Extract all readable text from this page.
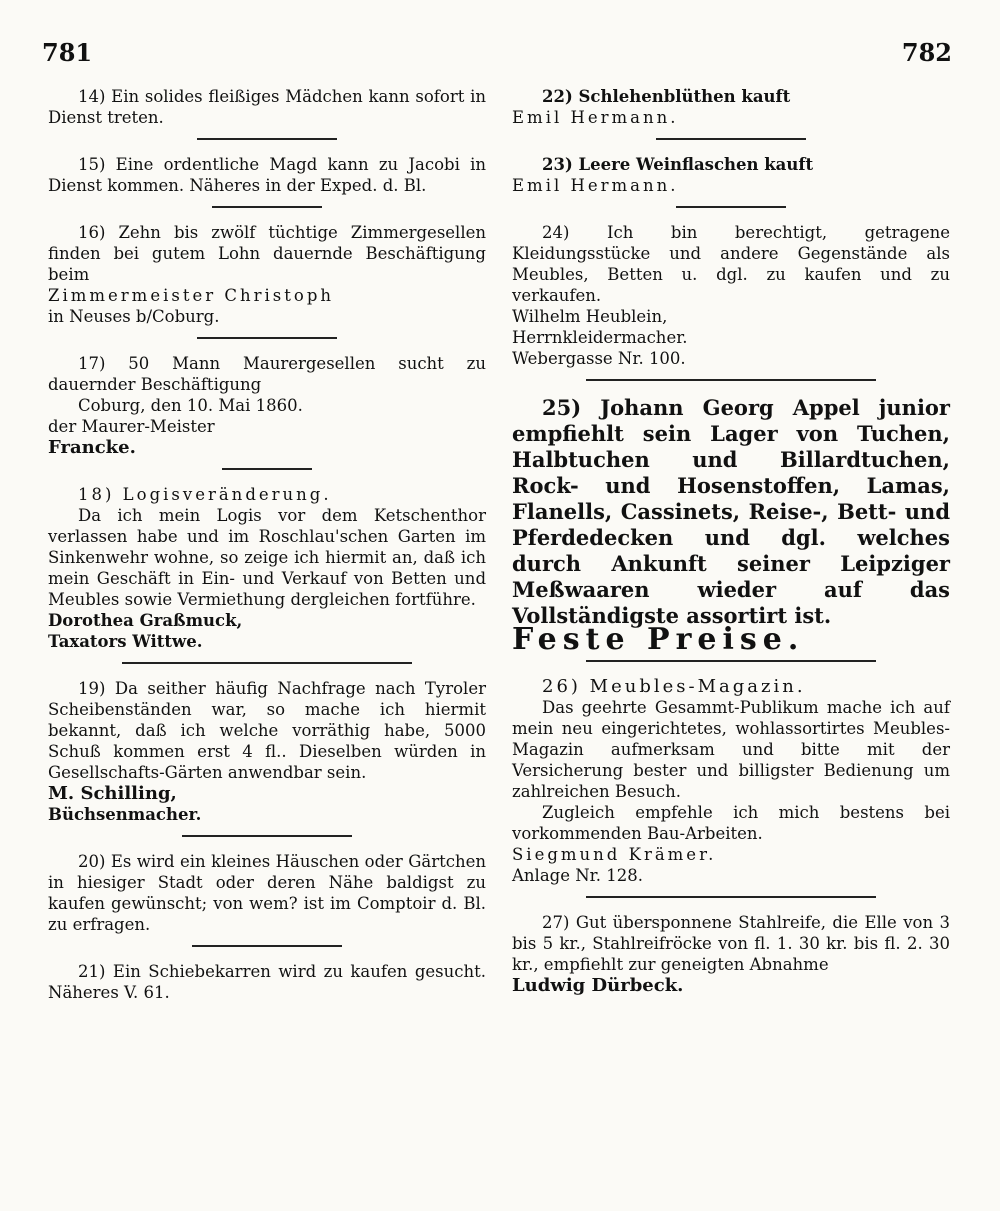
781	782

14) Ein solides fleißiges Mädchen kann sofort in Dienst treten.

15) Eine ordentliche Magd kann zu Jacobi in Dienst kommen. Näheres in der Exped. d. Bl.

16) Zehn bis zwölf tüchtige Zimmergesellen finden bei gutem Lohn dauernde Beschäftigung beim

Zimmermeister Christoph

in Neuses b/Coburg.

17) 50 Mann Maurergesellen sucht zu dauernder Beschäftigung

Coburg, den 10. Mai 1860.

der Maurer-Meister

Francke.

18) Logisveränderung.

Da ich mein Logis vor dem Ketschenthor verlassen habe und im Roschlau'schen Garten im Sinkenwehr wohne, so zeige ich hiermit an, daß ich mein Geschäft in Ein- und Verkauf von Betten und Meubles sowie Vermiethung dergleichen fortführe.

Dorothea Graßmuck,

Taxators Wittwe.

19) Da seither häufig Nachfrage nach Tyroler Scheibenständen war, so mache ich hiermit bekannt, daß ich welche vorräthig habe, 5000 Schuß kommen erst 4 fl.. Dieselben würden in Gesellschafts-Gärten anwendbar sein.

M. Schilling,

Büchsenmacher.

20) Es wird ein kleines Häuschen oder Gärtchen in hiesiger Stadt oder deren Nähe baldigst zu kaufen gewünscht; von wem? ist im Comptoir d. Bl. zu erfragen.

21) Ein Schiebekarren wird zu kaufen gesucht. Näheres V. 61.

22) Schlehenblüthen kauft

Emil Hermann.

23) Leere Weinflaschen kauft

Emil Hermann.

24) Ich bin berechtigt, getragene Kleidungsstücke und andere Gegenstände als Meubles, Betten u. dgl. zu kaufen und zu verkaufen.

Wilhelm Heublein,

Herrnkleidermacher.

Webergasse Nr. 100.

25) Johann Georg Appel junior empfiehlt sein Lager von Tuchen, Halbtuchen und Billardtuchen, Rock- und Hosenstoffen, Lamas, Flanells, Cassinets, Reise-, Bett- und Pferdedecken und dgl. welches durch Ankunft seiner Leipziger Meßwaaren wieder auf das Vollständigste assortirt ist.

Feste Preise.

26) Meubles-Magazin.

Das geehrte Gesammt-Publikum mache ich auf mein neu eingerichtetes, wohlassortirtes Meubles-Magazin aufmerksam und bitte mit der Versicherung bester und billigster Bedienung um zahlreichen Besuch.

Zugleich empfehle ich mich bestens bei vorkommenden Bau-Arbeiten.

Siegmund Krämer.

Anlage Nr. 128.

27) Gut übersponnene Stahlreife, die Elle von 3 bis 5 kr., Stahlreifröcke von fl. 1. 30 kr. bis fl. 2. 30 kr., empfiehlt zur geneigten Abnahme

Ludwig Dürbeck.
